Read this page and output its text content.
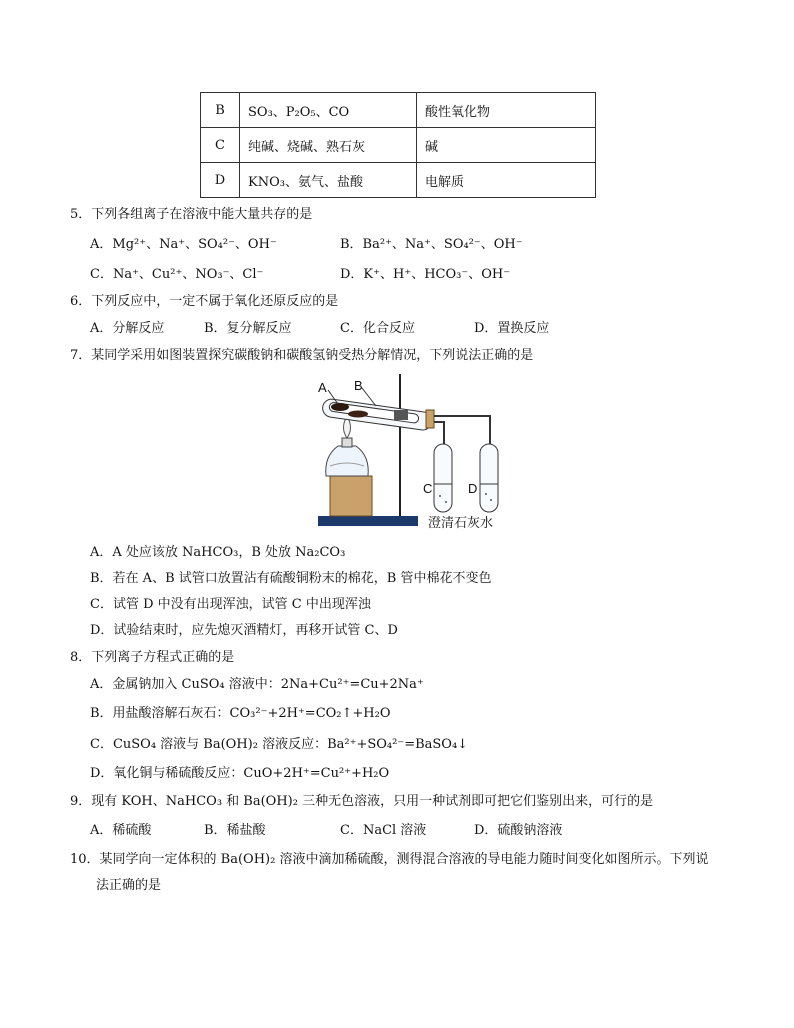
B	SO₃、P₂O₅、CO	酸性氧化物
C	纯碱、烧碱、熟石灰	碱
D	KNO₃、氨气、盐酸	电解质
5．下列各组离子在溶液中能大量共存的是
A．Mg²⁺、Na⁺、SO₄²⁻、OH⁻	B．Ba²⁺、Na⁺、SO₄²⁻、OH⁻
C．Na⁺、Cu²⁺、NO₃⁻、Cl⁻	D．K⁺、H⁺、HCO₃⁻、OH⁻
6．下列反应中，一定不属于氧化还原反应的是
A．分解反应	B．复分解反应	C．化合反应	D．置换反应
7．某同学采用如图装置探究碳酸钠和碳酸氢钠受热分解情况，下列说法正确的是
A B
C	D
澄清石灰水
A．A 处应该放 NaHCO₃，B 处放 Na₂CO₃
B．若在 A、B 试管口放置沾有硫酸铜粉末的棉花，B 管中棉花不变色
C．试管 D 中没有出现浑浊，试管 C 中出现浑浊
D．试验结束时，应先熄灭酒精灯，再移开试管 C、D
8．下列离子方程式正确的是
A．金属钠加入 CuSO₄ 溶液中：2Na+Cu²⁺=Cu+2Na⁺
B．用盐酸溶解石灰石：CO₃²⁻+2H⁺=CO₂↑+H₂O
C．CuSO₄ 溶液与 Ba(OH)₂ 溶液反应：Ba²⁺+SO₄²⁻=BaSO₄↓
D．氧化铜与稀硫酸反应：CuO+2H⁺=Cu²⁺+H₂O
9．现有 KOH、NaHCO₃ 和 Ba(OH)₂ 三种无色溶液，只用一种试剂即可把它们鉴别出来，可行的是
A．稀硫酸	B．稀盐酸	C．NaCl 溶液	D．硫酸钠溶液
10．某同学向一定体积的 Ba(OH)₂ 溶液中滴加稀硫酸，测得混合溶液的导电能力随时间变化如图所示。下列说
法正确的是
